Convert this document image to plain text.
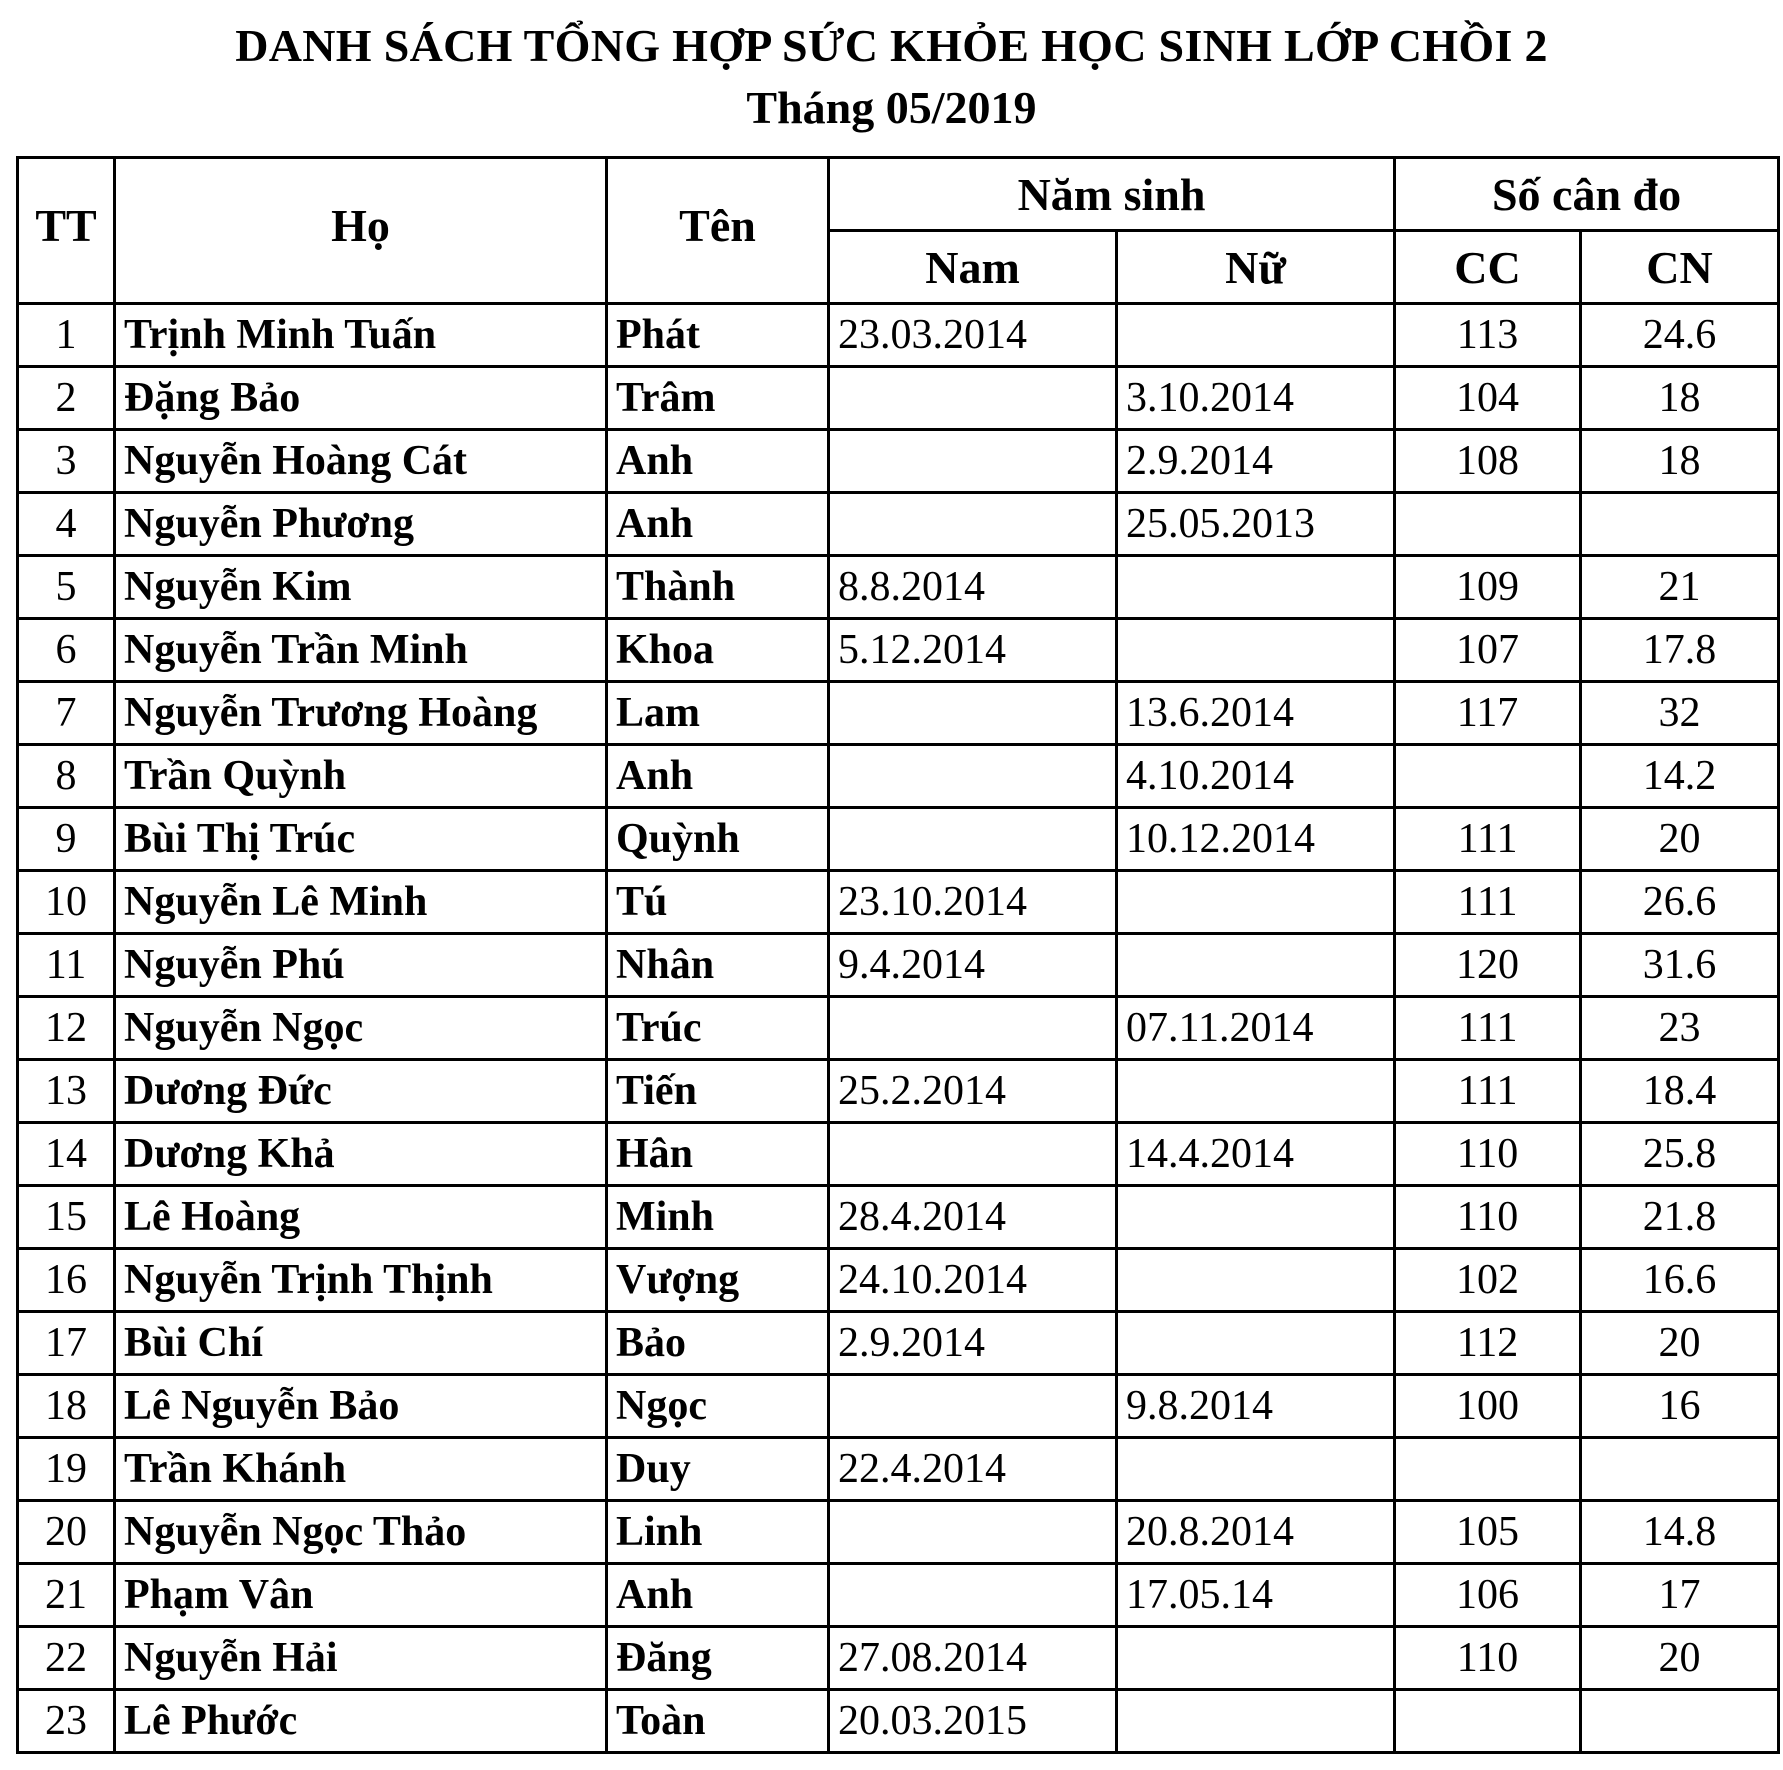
DANH SÁCH TỔNG HỢP SỨC KHỎE HỌC SINH LỚP CHỒI 2
Tháng 05/2019
TT	Họ	Tên	Năm sinh		Số cân đo	
			Nam	Nữ	CC	CN
1	Trịnh Minh Tuấn	Phát	23.03.2014		113	24.6
2	Đặng Bảo	Trâm		3.10.2014	104	18
3	Nguyễn Hoàng Cát	Anh		2.9.2014	108	18
4	Nguyễn Phương	Anh		25.05.2013		
5	Nguyễn Kim	Thành	8.8.2014		109	21
6	Nguyễn Trần Minh	Khoa	5.12.2014		107	17.8
7	Nguyễn Trương Hoàng	Lam		13.6.2014	117	32
8	Trần Quỳnh	Anh		4.10.2014		14.2
9	Bùi Thị Trúc	Quỳnh		10.12.2014	111	20
10	Nguyễn Lê Minh	Tú	23.10.2014		111	26.6
11	Nguyễn Phú	Nhân	9.4.2014		120	31.6
12	Nguyễn Ngọc	Trúc		07.11.2014	111	23
13	Dương Đức	Tiến	25.2.2014		111	18.4
14	Dương Khả	Hân		14.4.2014	110	25.8
15	Lê Hoàng	Minh	28.4.2014		110	21.8
16	Nguyễn Trịnh Thịnh	Vượng	24.10.2014		102	16.6
17	Bùi Chí	Bảo	2.9.2014		112	20
18	Lê Nguyễn Bảo	Ngọc		9.8.2014	100	16
19	Trần Khánh	Duy	22.4.2014			
20	Nguyễn Ngọc Thảo	Linh		20.8.2014	105	14.8
21	Phạm Vân	Anh		17.05.14	106	17
22	Nguyễn Hải	Đăng	27.08.2014		110	20
23	Lê Phước	Toàn	20.03.2015			
